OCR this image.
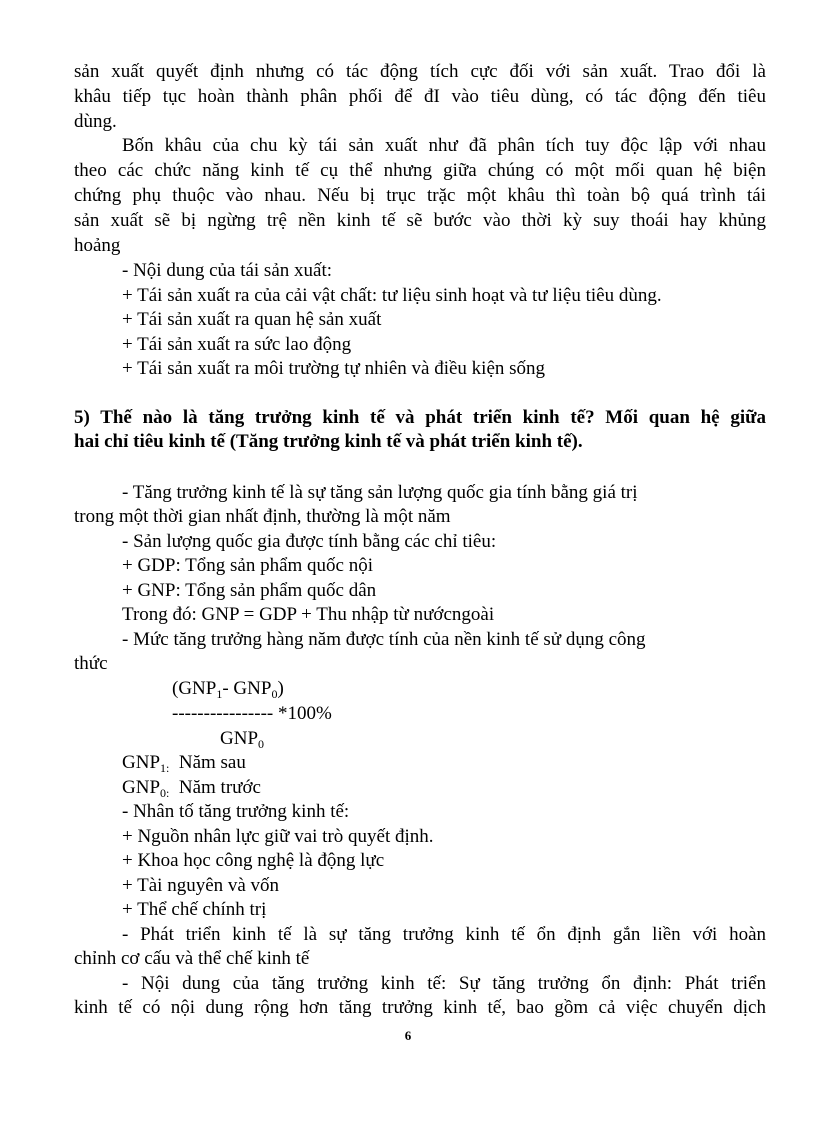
sản xuất quyết định nhưng có tác động tích cực đối với sản xuất. Trao đổi là
khâu tiếp tục hoàn thành phân phối để đI vào tiêu dùng, có tác động đến tiêu
dùng.
Bốn khâu của chu kỳ tái sản xuất như đã phân tích tuy độc lập với nhau
theo các chức năng kinh tế cụ thể nhưng giữa chúng có một mối quan hệ biện
chứng phụ thuộc vào nhau. Nếu bị trục trặc một khâu thì toàn bộ quá trình tái
sản xuất sẽ bị ngừng trệ nền kinh tế sẽ bước vào thời kỳ suy thoái hay khủng
hoảng
- Nội dung của tái sản xuất:
+ Tái sản xuất ra của cải vật chất: tư liệu sinh hoạt và tư liệu tiêu dùng.
+ Tái sản xuất ra quan hệ sản xuất
+ Tái sản xuất ra sức lao động
+ Tái sản xuất ra môi trường tự nhiên và điều kiện sống
5) Thế nào là tăng trưởng kinh tế và phát triển kinh tế? Mối quan hệ giữa
hai chỉ tiêu kinh tế (Tăng trưởng kinh tế và phát triển kinh tế).
- Tăng trưởng kinh tế là sự tăng sản lượng quốc gia tính bằng giá trị
trong một thời gian nhất định, thường là một năm
- Sản lượng quốc gia được tính bằng các chỉ tiêu:
+ GDP: Tổng sản phẩm quốc nội
+ GNP: Tổng sản phẩm quốc dân
Trong đó: GNP = GDP + Thu nhập từ nướcngoài
- Mức tăng trưởng hàng năm được tính của nền kinh tế sử dụng công
thức
($GNP_1-$ $GNP_0$)
---------------- *100%
$GNP_0$
$GNP_{1:}$ Năm sau
$GNP_{0:}$ Năm trước
- Nhân tố tăng trưởng kinh tế:
+ Nguồn nhân lực giữ vai trò quyết định.
+ Khoa học công nghệ là động lực
+ Tài nguyên và vốn
+ Thể chế chính trị
- Phát triển kinh tế là sự tăng trưởng kinh tế ổn định gắn liền với hoàn
chỉnh cơ cấu và thể chế kinh tế
- Nội dung của tăng trưởng kinh tế: Sự tăng trưởng ổn định: Phát triển
kinh tế có nội dung rộng hơn tăng trưởng kinh tế, bao gồm cả việc chuyển dịch
6
